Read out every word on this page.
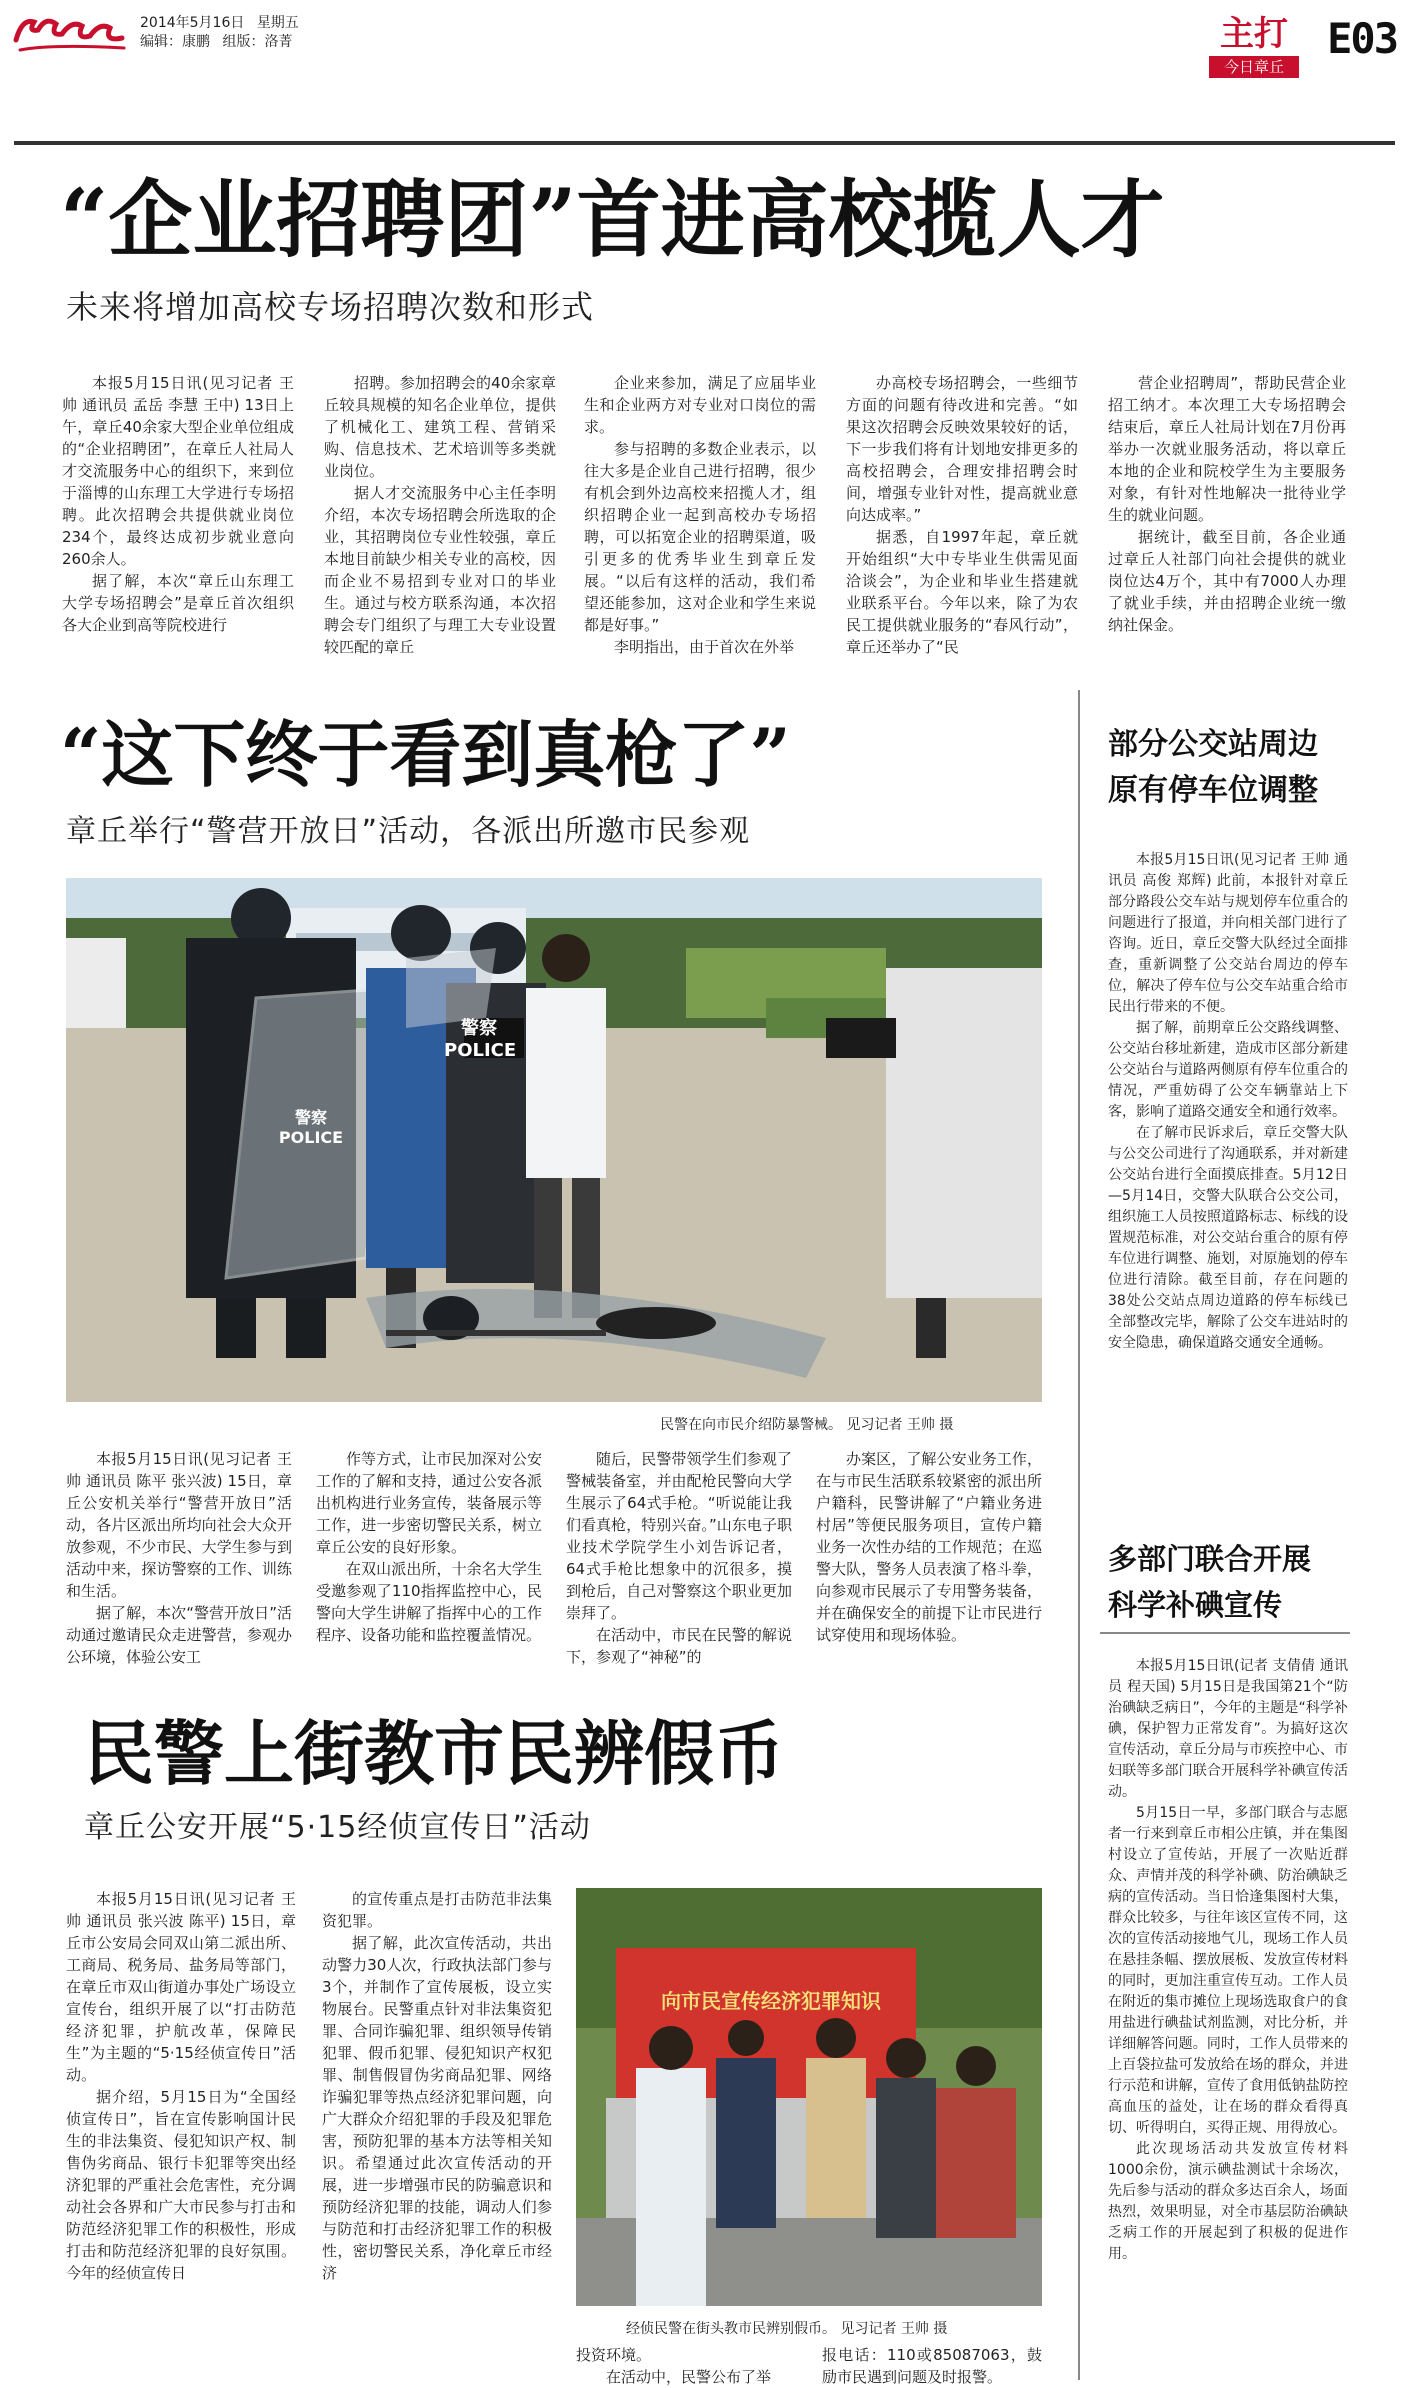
2014年5月16日 星期五
编辑：康鹏 组版：洛菁	主打
今日章丘
E03
“企业招聘团”首进高校揽人才
未来将增加高校专场招聘次数和形式

本报5月15日讯(见习记者 王帅 通讯员 孟岳 李慧 王中) 13日上午，章丘40余家大型企业单位组成的“企业招聘团”，在章丘人社局人才交流服务中心的组织下，来到位于淄博的山东理工大学进行专场招聘。此次招聘会共提供就业岗位234个，最终达成初步就业意向260余人。

据了解，本次“章丘山东理工大学专场招聘会”是章丘首次组织各大企业到高等院校进行

招聘。参加招聘会的40余家章丘较具规模的知名企业单位，提供了机械化工、建筑工程、营销采购、信息技术、艺术培训等多类就业岗位。

据人才交流服务中心主任李明介绍，本次专场招聘会所选取的企业，其招聘岗位专业性较强，章丘本地目前缺少相关专业的高校，因而企业不易招到专业对口的毕业生。通过与校方联系沟通，本次招聘会专门组织了与理工大专业设置较匹配的章丘

企业来参加，满足了应届毕业生和企业两方对专业对口岗位的需求。

参与招聘的多数企业表示，以往大多是企业自己进行招聘，很少有机会到外边高校来招揽人才，组织招聘企业一起到高校办专场招聘，可以拓宽企业的招聘渠道，吸引更多的优秀毕业生到章丘发展。“以后有这样的活动，我们希望还能参加，这对企业和学生来说都是好事。”

李明指出，由于首次在外举

办高校专场招聘会，一些细节方面的问题有待改进和完善。“如果这次招聘会反映效果较好的话，下一步我们将有计划地安排更多的高校招聘会，合理安排招聘会时间，增强专业针对性，提高就业意向达成率。”

据悉，自1997年起，章丘就开始组织“大中专毕业生供需见面洽谈会”，为企业和毕业生搭建就业联系平台。今年以来，除了为农民工提供就业服务的“春风行动”，章丘还举办了“民

营企业招聘周”，帮助民营企业招工纳才。本次理工大专场招聘会结束后，章丘人社局计划在7月份再举办一次就业服务活动，将以章丘本地的企业和院校学生为主要服务对象，有针对性地解决一批待业学生的就业问题。

据统计，截至目前，各企业通过章丘人社部门向社会提供的就业岗位达4万个，其中有7000人办理了就业手续，并由招聘企业统一缴纳社保金。

“这下终于看到真枪了”
章丘举行“警营开放日”活动，各派出所邀市民参观
警察
POLICE
警察
POLICE
民警在向市民介绍防暴警械。 见习记者 王帅 摄

本报5月15日讯(见习记者 王帅 通讯员 陈平 张兴波) 15日，章丘公安机关举行“警营开放日”活动，各片区派出所均向社会大众开放参观，不少市民、大学生参与到活动中来，探访警察的工作、训练和生活。

据了解，本次“警营开放日”活动通过邀请民众走进警营，参观办公环境，体验公安工

作等方式，让市民加深对公安工作的了解和支持，通过公安各派出机构进行业务宣传，装备展示等工作，进一步密切警民关系，树立章丘公安的良好形象。

在双山派出所，十余名大学生受邀参观了110指挥监控中心，民警向大学生讲解了指挥中心的工作程序、设备功能和监控覆盖情况。

随后，民警带领学生们参观了警械装备室，并由配枪民警向大学生展示了64式手枪。“听说能让我们看真枪，特别兴奋。”山东电子职业技术学院学生小刘告诉记者，64式手枪比想象中的沉很多，摸到枪后，自己对警察这个职业更加崇拜了。

在活动中，市民在民警的解说下，参观了“神秘”的

办案区，了解公安业务工作，在与市民生活联系较紧密的派出所户籍科，民警讲解了“户籍业务进村居”等便民服务项目，宣传户籍业务一次性办结的工作规范；在巡警大队，警务人员表演了格斗拳，向参观市民展示了专用警务装备，并在确保安全的前提下让市民进行试穿使用和现场体验。

民警上街教市民辨假币
章丘公安开展“5·15经侦宣传日”活动

本报5月15日讯(见习记者 王帅 通讯员 张兴波 陈平) 15日，章丘市公安局会同双山第二派出所、工商局、税务局、盐务局等部门，在章丘市双山街道办事处广场设立宣传台，组织开展了以“打击防范经济犯罪，护航改革，保障民生”为主题的“5·15经侦宣传日”活动。

据介绍，5月15日为“全国经侦宣传日”，旨在宣传影响国计民生的非法集资、侵犯知识产权、制售伪劣商品、银行卡犯罪等突出经济犯罪的严重社会危害性，充分调动社会各界和广大市民参与打击和防范经济犯罪工作的积极性，形成打击和防范经济犯罪的良好氛围。今年的经侦宣传日

的宣传重点是打击防范非法集资犯罪。

据了解，此次宣传活动，共出动警力30人次，行政执法部门参与3个，并制作了宣传展板，设立实物展台。民警重点针对非法集资犯罪、合同诈骗犯罪、组织领导传销犯罪、假币犯罪、侵犯知识产权犯罪、制售假冒伪劣商品犯罪、网络诈骗犯罪等热点经济犯罪问题，向广大群众介绍犯罪的手段及犯罪危害，预防犯罪的基本方法等相关知识。希望通过此次宣传活动的开展，进一步增强市民的防骗意识和预防经济犯罪的技能，调动人们参与防范和打击经济犯罪工作的积极性，密切警民关系，净化章丘市经济

向市民宣传经济犯罪知识
经侦民警在街头教市民辨别假币。 见习记者 王帅 摄

投资环境。

在活动中，民警公布了举

报电话：110或85087063，鼓励市民遇到问题及时报警。

部分公交站周边
原有停车位调整

本报5月15日讯(见习记者 王帅 通讯员 高俊 郑辉) 此前，本报针对章丘部分路段公交车站与规划停车位重合的问题进行了报道，并向相关部门进行了咨询。近日，章丘交警大队经过全面排查，重新调整了公交站台周边的停车位，解决了停车位与公交车站重合给市民出行带来的不便。

据了解，前期章丘公交路线调整、公交站台移址新建，造成市区部分新建公交站台与道路两侧原有停车位重合的情况，严重妨碍了公交车辆靠站上下客，影响了道路交通安全和通行效率。

在了解市民诉求后，章丘交警大队与公交公司进行了沟通联系，并对新建公交站台进行全面摸底排查。5月12日—5月14日，交警大队联合公交公司，组织施工人员按照道路标志、标线的设置规范标准，对公交站台重合的原有停车位进行调整、施划，对原施划的停车位进行清除。截至目前，存在问题的38处公交站点周边道路的停车标线已全部整改完毕，解除了公交车进站时的安全隐患，确保道路交通安全通畅。

多部门联合开展
科学补碘宣传

本报5月15日讯(记者 支倩倩 通讯员 程天国) 5月15日是我国第21个“防治碘缺乏病日”，今年的主题是“科学补碘，保护智力正常发育”。为搞好这次宣传活动，章丘分局与市疾控中心、市妇联等多部门联合开展科学补碘宣传活动。

5月15日一早，多部门联合与志愿者一行来到章丘市相公庄镇，并在集图村设立了宣传站，开展了一次贴近群众、声情并茂的科学补碘、防治碘缺乏病的宣传活动。当日恰逢集图村大集，群众比较多，与往年该区宣传不同，这次的宣传活动接地气儿，现场工作人员在悬挂条幅、摆放展板、发放宣传材料的同时，更加注重宣传互动。工作人员在附近的集市摊位上现场选取食户的食用盐进行碘盐试剂监测，对比分析，并详细解答问题。同时，工作人员带来的上百袋拉盐可发放给在场的群众，并进行示范和讲解，宣传了食用低钠盐防控高血压的益处，让在场的群众看得真切、听得明白，买得正规、用得放心。

此次现场活动共发放宣传材料1000余份，演示碘盐测试十余场次，先后参与活动的群众多达百余人，场面热烈，效果明显，对全市基层防治碘缺乏病工作的开展起到了积极的促进作用。
